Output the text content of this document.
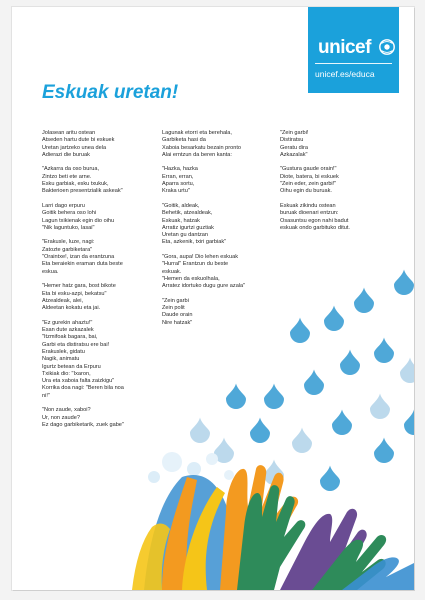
unicef
unicef.es/educa
Eskuak uretan!
Jolasean aritu ostean
Atseden hartu dute bi eskuek
Uretan jartzeko unea dela
Adierazi die buruak
"Azkarra da oso burua,
Zintzo beti ete arne.
Esku garbiak, esku txukuk,
Bakterioen presentzialik askeak"
Larri dago erpuru
Goitik behera oso lohi
Lagun txikienak egin dio oihu
"Nik laguntuko, lasai"
"Erakusle, luze, nagi:
Zatozte garbiketara"
"Oraintxe!, izan da erantzuna
Eta beraiekin eraman duta beste
eskua.
"Hemer hatz gara, bost bikote
Eta bi esku-azpi, bekatsu"
Atzealdeak, alei,
Aldeetan kokatu eta jai.
"Ez gurekin ahaztu!"
Esan dute azkazalek
"Itzmifoak bagara, bai,
Garbi eta distiratsu ere bai!
Erakuslek, gidatu
Nagik, animatu
Igurtz betean da Erpuru
Txikiak dio: "Ixaron,
Ura eta xaboia falta zaizkigu"
Korrika doa nagi: "Beren bila noa
ni!"
"Non zaude, xaboi?
Ur, non zaude?
Ez dago garbiketarik, zuek gabe"
Lagunak etorri eta berehala,
Garbiketa hasi da
Xaboia besarkatu bezain pronto
Alai erntzun da beren kanta:
"Hazka, hazka
Erran, erran,
Aparra sortu,
Kraka urtu"
"Goitik, aldeak,
Behetik, atzealdeak,
Eskuak, hatzak
Arratiz igurtzi guztiak
Uretan gu dantzan
Eta, azkenik, txiri garbiak"
"Gora, aupa! Dio lehen eskuak
"Hurral" Erantzun du beste
eskuak.
"Hemen da eskuolhala,
Arratez idortuko dugu gure azala"
"Zein garbi
Zein polit
Daude orain
Nire hatzak"
"Zein garbi!
Distiratsu
Geratu dira
Azkazalak"
"Gustura gaude orain!"
Diote, batera, bi eskuek
"Zein eder, zein garbi!"
Oihu egin du buruak.
Eskuak zikindu ostean
buruak dioenari entzun:
Osasuntsu egon nahi badut
eskuak ondo garbituko ditut.
